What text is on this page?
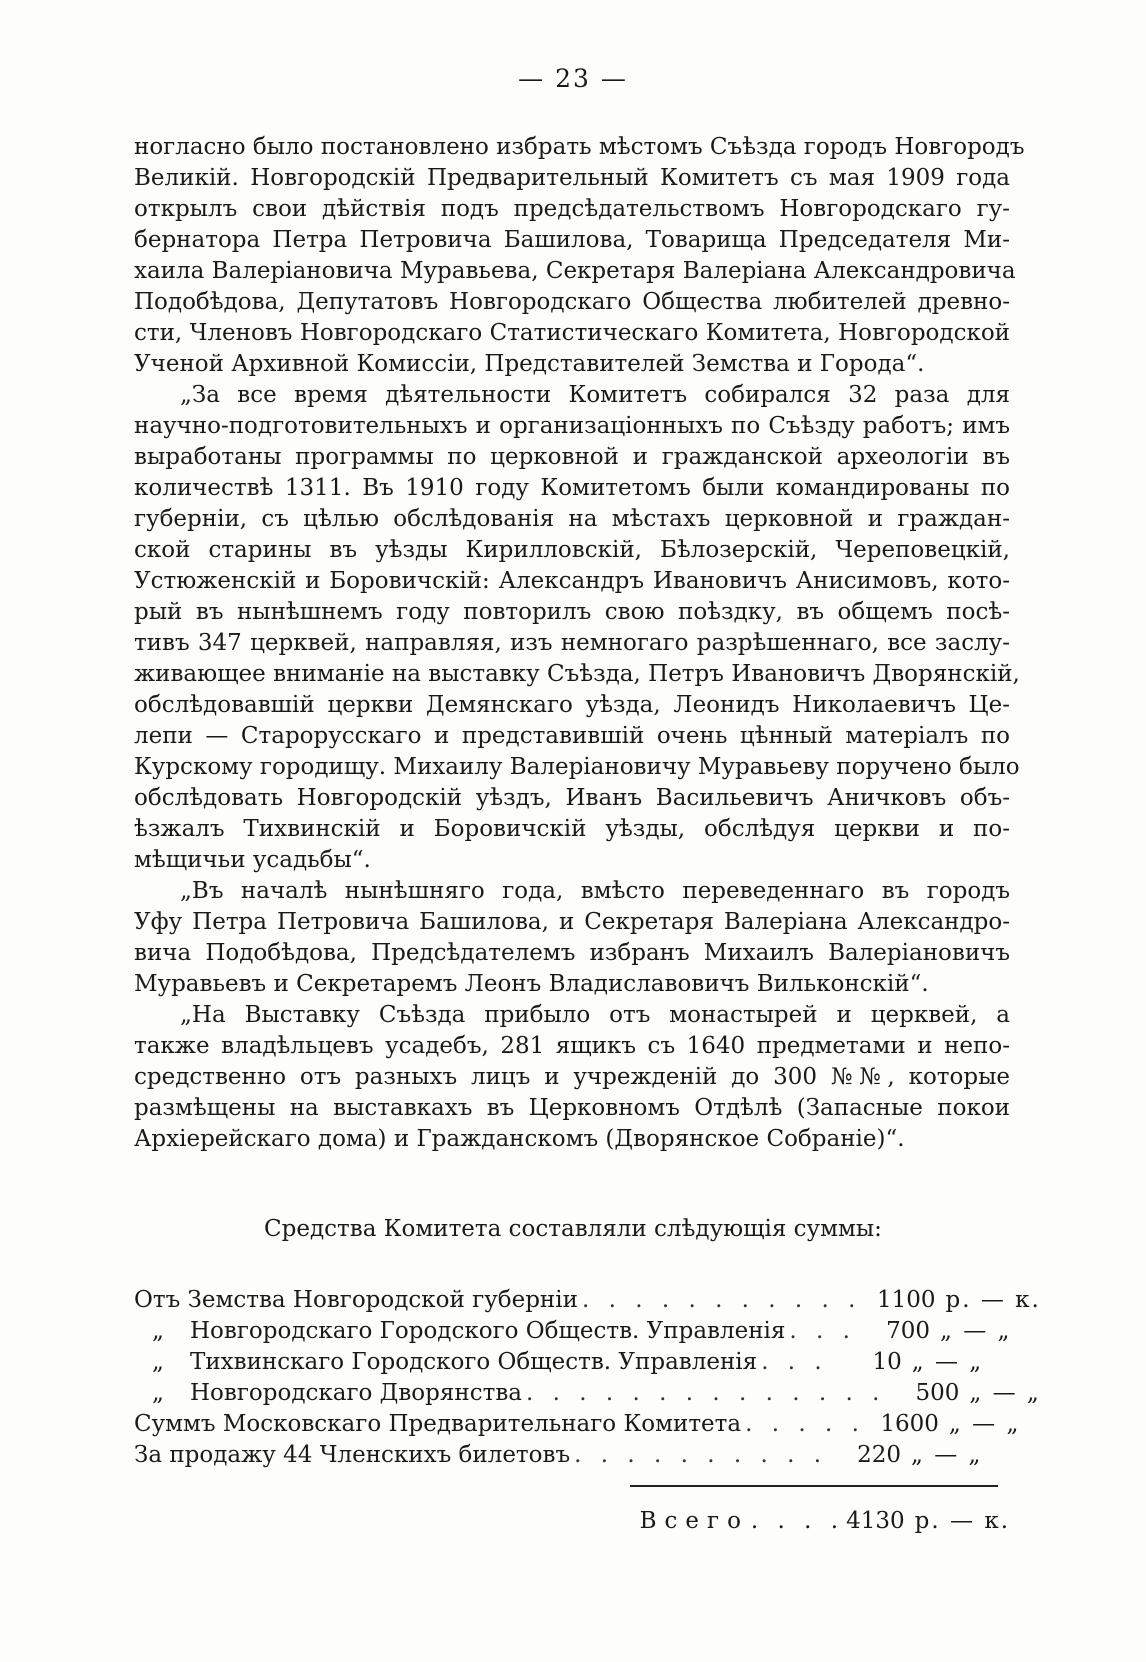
— 23 —
ногласно было постановлено избрать мѣстомъ Съѣзда городъ Новгородъ
Великій. Новгородскій Предварительный Комитетъ съ мая 1909 года
открылъ свои дѣйствія подъ предсѣдательствомъ Новгородскаго гу-
бернатора Петра Петровича Башилова, Товарища Председателя Ми-
хаила Валеріановича Муравьева, Секретаря Валеріана Александровича
Подобѣдова, Депутатовъ Новгородскаго Общества любителей древно-
сти, Членовъ Новгородскаго Статистическаго Комитета, Новгородской
Ученой Архивной Комиссіи, Представителей Земства и Города“.
„За все время дѣятельности Комитетъ собирался 32 раза для
научно-подготовительныхъ и организаціонныхъ по Съѣзду работъ; имъ
выработаны программы по церковной и гражданской археологіи въ
количествѣ 1311. Въ 1910 году Комитетомъ были командированы по
губерніи, съ цѣлью обслѣдованія на мѣстахъ церковной и граждан-
ской старины въ уѣзды Кирилловскій, Бѣлозерскій, Череповецкій,
Устюженскій и Боровичскій: Александръ Ивановичъ Анисимовъ, кото-
рый въ нынѣшнемъ году повторилъ свою поѣздку, въ общемъ посѣ-
тивъ 347 церквей, направляя, изъ немногаго разрѣшеннаго, все заслу-
живающее вниманіе на выставку Съѣзда, Петръ Ивановичъ Дворянскій,
обслѣдовавшій церкви Демянскаго уѣзда, Леонидъ Николаевичъ Це-
лепи — Старорусскаго и представившій очень цѣнный матеріалъ по
Курскому городищу. Михаилу Валеріановичу Муравьеву поручено было
обслѣдовать Новгородскій уѣздъ, Иванъ Васильевичъ Аничковъ объ-
ѣзжалъ Тихвинскій и Боровичскій уѣзды, обслѣдуя церкви и по-
мѣщичьи усадьбы“.
„Въ началѣ нынѣшняго года, вмѣсто переведеннаго въ городъ
Уфу Петра Петровича Башилова, и Секретаря Валеріана Александро-
вича Подобѣдова, Предсѣдателемъ избранъ Михаилъ Валеріановичъ
Муравьевъ и Секретаремъ Леонъ Владиславовичъ Вильконскій“.
„На Выставку Съѣзда прибыло отъ монастырей и церквей, а
также владѣльцевъ усадебъ, 281 ящикъ съ 1640 предметами и непо-
средственно отъ разныхъ лицъ и учрежденій до 300 №№, которые
размѣщены на выставкахъ въ Церковномъ Отдѣлѣ (Запасные покои
Архіерейскаго дома) и Гражданскомъ (Дворянское Собраніе)“.
Средства Комитета составляли слѣдующія суммы:
Отъ Земства Новгородской губерніи . . . . . . . . . . . 1100 р. — к.
„ Новгородскаго Городского Обществ. Управленія . . .	700 „ — „
„ Тихвинскаго Городского Обществ. Управленія . . .	10 „ — „
„ Новгородскаго Дворянства . . . . . . . . . . . . . .	500 „ — „
Суммъ Московскаго Предварительнаго Комитета . . . . . 1600 „ — „
За продажу 44 Членскихъ билетовъ . . . . . . . . . .	220 „ — „
Всего . . . . 4130 р. — к.
